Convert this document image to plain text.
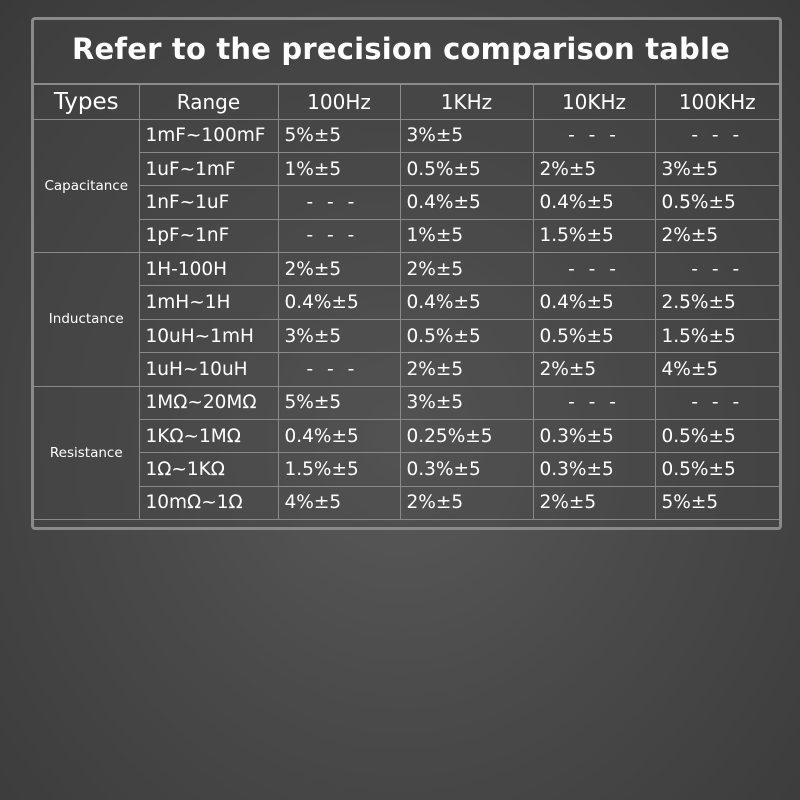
Refer to the precision comparison table
Types	Range	100Hz	1KHz	10KHz	100KHz
Capacitance	1mF~100mF	5%±5	3%±5	- - -	- - -
	1uF~1mF	1%±5	0.5%±5	2%±5	3%±5
	1nF~1uF	- - -	0.4%±5	0.4%±5	0.5%±5
	1pF~1nF	- - -	1%±5	1.5%±5	2%±5
Inductance	1H-100H	2%±5	2%±5	- - -	- - -
	1mH~1H	0.4%±5	0.4%±5	0.4%±5	2.5%±5
	10uH~1mH	3%±5	0.5%±5	0.5%±5	1.5%±5
	1uH~10uH	- - -	2%±5	2%±5	4%±5
Resistance	1MΩ~20MΩ	5%±5	3%±5	- - -	- - -
	1KΩ~1MΩ	0.4%±5	0.25%±5	0.3%±5	0.5%±5
	1Ω~1KΩ	1.5%±5	0.3%±5	0.3%±5	0.5%±5
	10mΩ~1Ω	4%±5	2%±5	2%±5	5%±5
